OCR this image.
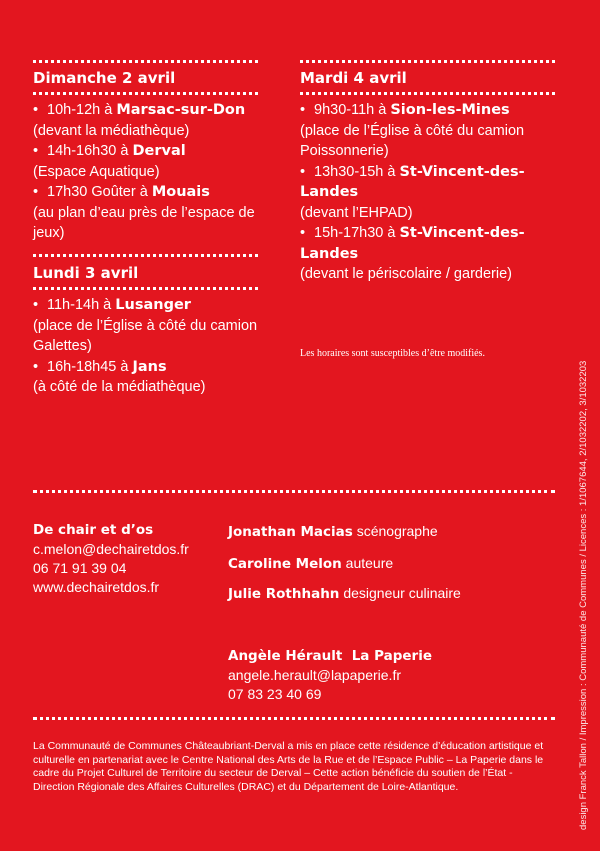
Dimanche 2 avril

• 10h-12h à Marsac-sur-Don
(devant la médiathèque)

• 14h-16h30 à Derval
(Espace Aquatique)

• 17h30 Goûter à Mouais
(au plan d’eau près de l’espace de jeux)

Lundi 3 avril

• 11h-14h à Lusanger
(place de l’Église à côté du camion Galettes)

• 16h-18h45 à Jans
(à côté de la médiathèque)

Mardi 4 avril

• 9h30-11h à Sion-les-Mines
(place de l’Église à côté du camion Poissonnerie)

• 13h30-15h à St-Vincent-des-Landes
(devant l’EHPAD)

• 15h-17h30 à St-Vincent-des-Landes
(devant le périscolaire / garderie)

Les horaires sont susceptibles d’être modifiés.
De chair et d’os
c.melon@dechairetdos.fr
06 71 91 39 04
www.dechairetdos.fr
Jonathan Macias scénographe
Caroline Melon auteure
Julie Rothhahn designeur culinaire
Angèle Hérault La Paperie
angele.herault@lapaperie.fr
07 83 23 40 69
La Communauté de Communes Châteaubriant-Derval a mis en place cette résidence d’éducation artistique et culturelle en partenariat avec le Centre National des Arts de la Rue et de l’Espace Public – La Paperie dans le cadre du Projet Culturel de Territoire du secteur de Derval – Cette action bénéficie du soutien de l’État - Direction Régionale des Affaires Culturelles (DRAC) et du Département de Loire-Atlantique.	design Franck Tallon / Impression : Communauté de Communes / Licences : 1/1067644, 2/1032202, 3/1032203
